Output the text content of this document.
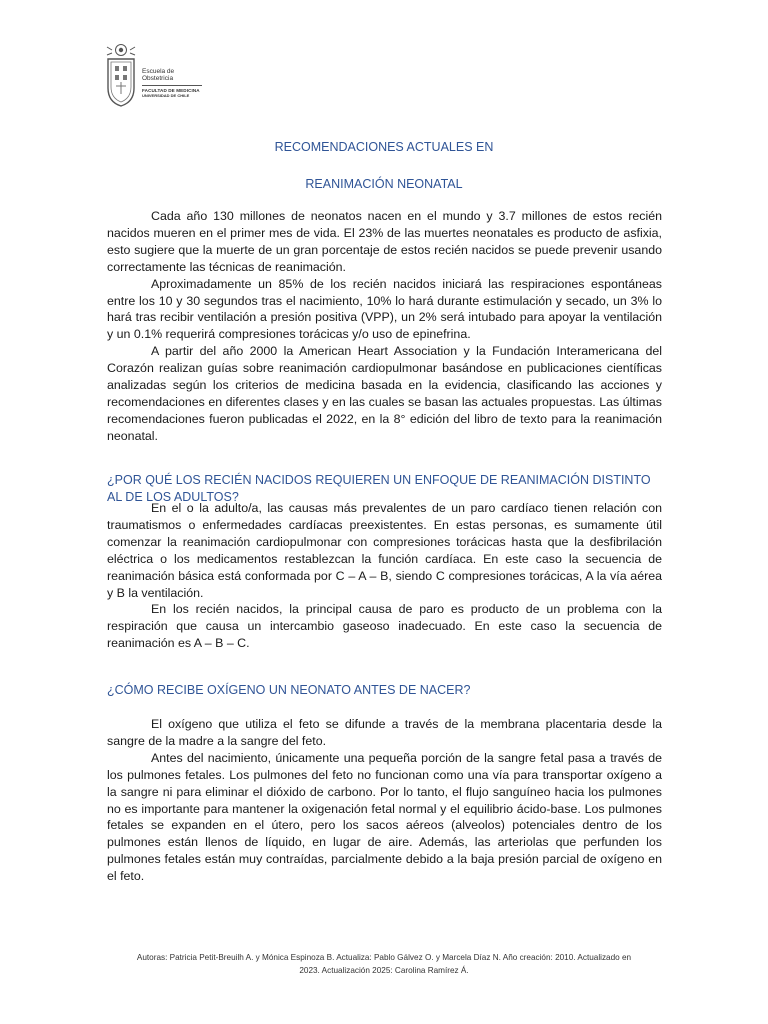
Escuela de Obstetricia
FACULTAD DE MEDICINA
UNIVERSIDAD DE CHILE
RECOMENDACIONES ACTUALES EN
REANIMACIÓN NEONATAL

Cada año 130 millones de neonatos nacen en el mundo y 3.7 millones de estos recién nacidos mueren en el primer mes de vida. El 23% de las muertes neonatales es producto de asfixia, esto sugiere que la muerte de un gran porcentaje de estos recién nacidos se puede prevenir usando correctamente las técnicas de reanimación.

Aproximadamente un 85% de los recién nacidos iniciará las respiraciones espontáneas entre los 10 y 30 segundos tras el nacimiento, 10% lo hará durante estimulación y secado, un 3% lo hará tras recibir ventilación a presión positiva (VPP), un 2% será intubado para apoyar la ventilación y un 0.1% requerirá compresiones torácicas y/o uso de epinefrina.

A partir del año 2000 la American Heart Association y la Fundación Interamericana del Corazón realizan guías sobre reanimación cardiopulmonar basándose en publicaciones científicas analizadas según los criterios de medicina basada en la evidencia, clasificando las acciones y recomendaciones en diferentes clases y en las cuales se basan las actuales propuestas. Las últimas recomendaciones fueron publicadas el 2022, en la 8° edición del libro de texto para la reanimación neonatal.

¿POR QUÉ LOS RECIÉN NACIDOS REQUIEREN UN ENFOQUE DE REANIMACIÓN DISTINTO AL DE LOS ADULTOS?

En el o la adulto/a, las causas más prevalentes de un paro cardíaco tienen relación con traumatismos o enfermedades cardíacas preexistentes. En estas personas, es sumamente útil comenzar la reanimación cardiopulmonar con compresiones torácicas hasta que la desfibrilación eléctrica o los medicamentos restablezcan la función cardíaca. En este caso la secuencia de reanimación básica está conformada por C – A – B, siendo C compresiones torácicas, A la vía aérea y B la ventilación.

En los recién nacidos, la principal causa de paro es producto de un problema con la respiración que causa un intercambio gaseoso inadecuado. En este caso la secuencia de reanimación es A – B – C.

¿CÓMO RECIBE OXÍGENO UN NEONATO ANTES DE NACER?

El oxígeno que utiliza el feto se difunde a través de la membrana placentaria desde la sangre de la madre a la sangre del feto.

Antes del nacimiento, únicamente una pequeña porción de la sangre fetal pasa a través de los pulmones fetales. Los pulmones del feto no funcionan como una vía para transportar oxígeno a la sangre ni para eliminar el dióxido de carbono. Por lo tanto, el flujo sanguíneo hacia los pulmones no es importante para mantener la oxigenación fetal normal y el equilibrio ácido-base. Los pulmones fetales se expanden en el útero, pero los sacos aéreos (alveolos) potenciales dentro de los pulmones están llenos de líquido, en lugar de aire. Además, las arteriolas que perfunden los pulmones fetales están muy contraídas, parcialmente debido a la baja presión parcial de oxígeno en el feto.

Autoras: Patricia Petit-Breuilh A. y Mónica Espinoza B. Actualiza: Pablo Gálvez O. y Marcela Díaz N. Año creación: 2010. Actualizado en
2023. Actualización 2025: Carolina Ramírez Á.
